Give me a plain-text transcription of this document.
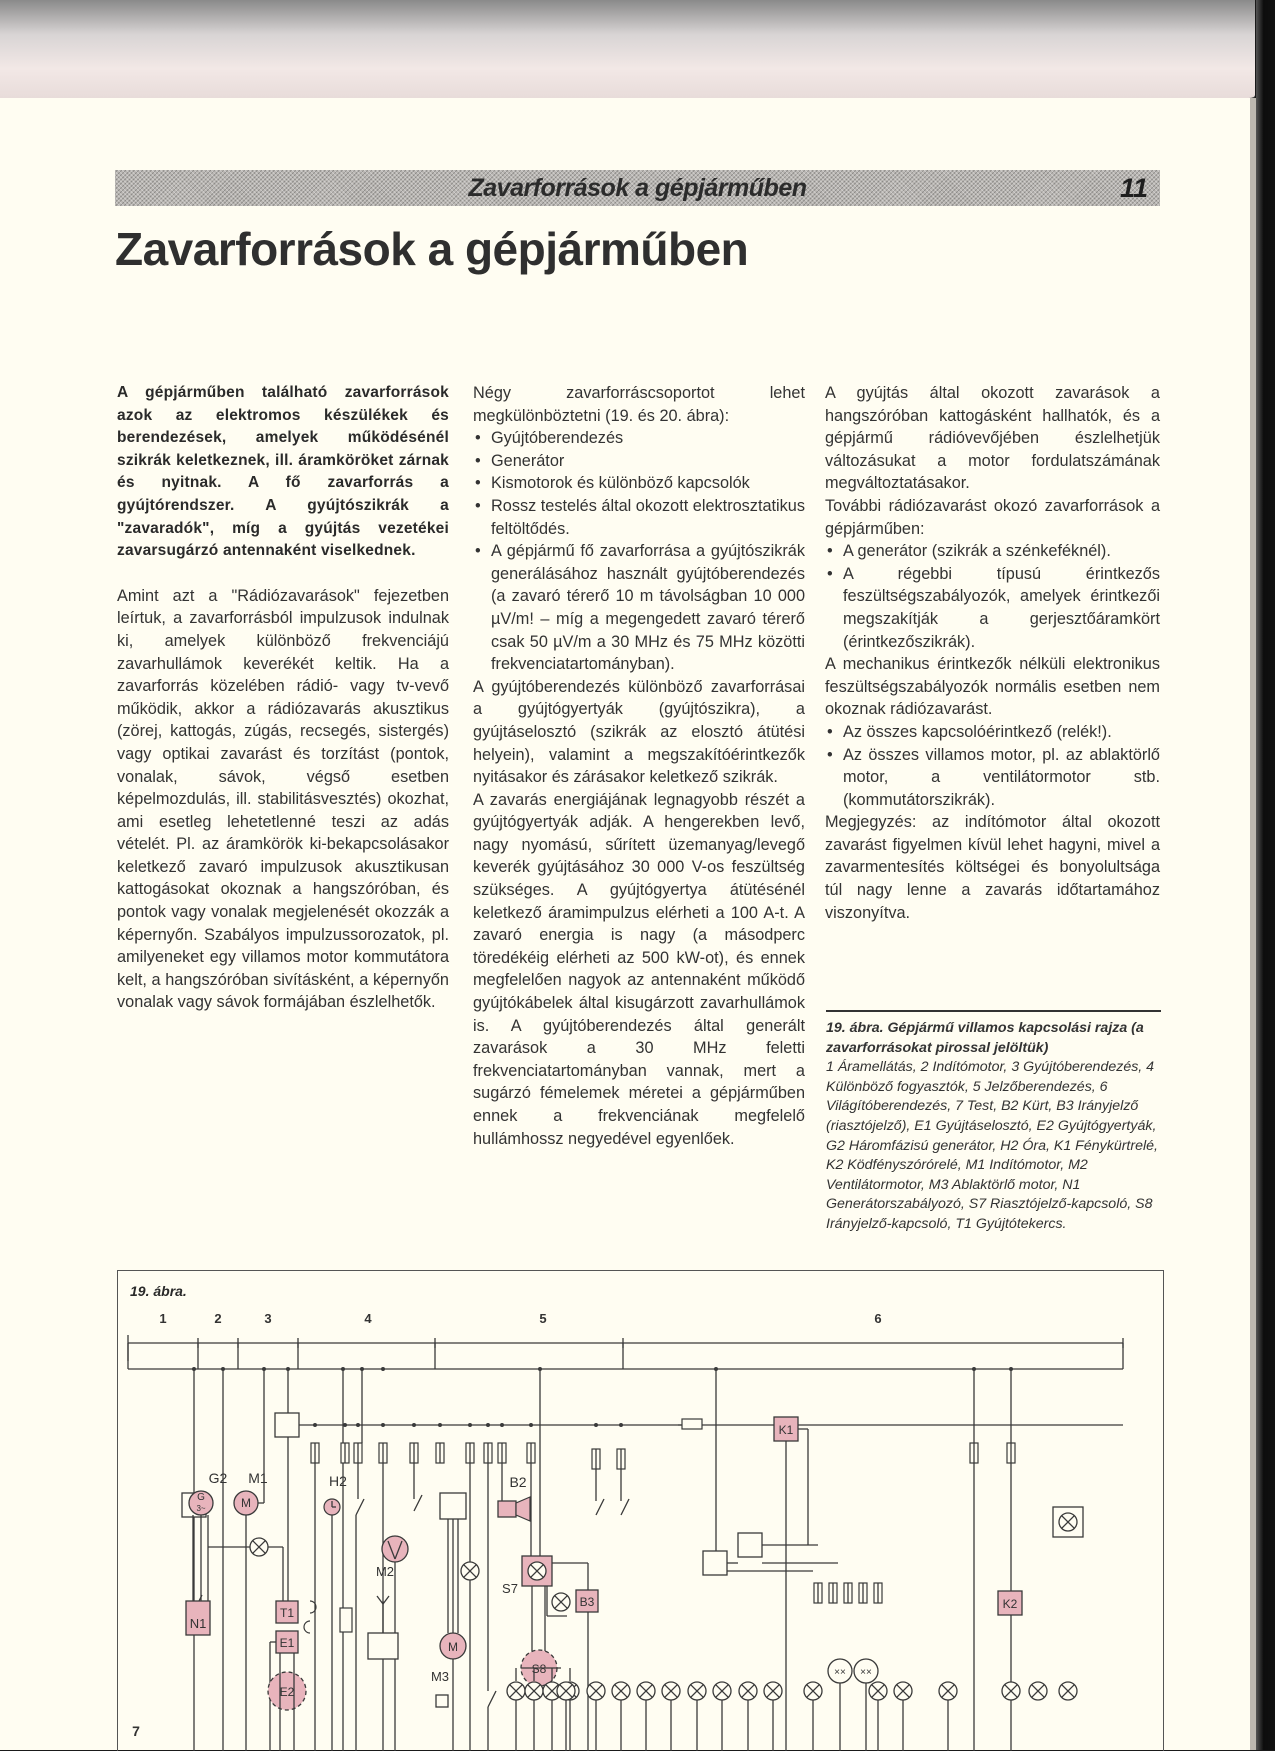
Zavarforrások a gépjárműben	11
Zavarforrások a gépjárműben

A gépjárműben található zavarforrások azok az elektromos készülékek és berendezések, amelyek működésénél szikrák keletkeznek, ill. áramköröket zárnak és nyitnak. A fő zavarforrás a gyújtórendszer. A gyújtószikrák a "zavaradók", míg a gyújtás vezetékei zavarsugárzó antennaként viselkednek.

Amint azt a "Rádiózavarások" fejezetben leírtuk, a zavarforrásból impulzusok indulnak ki, amelyek különböző frekvenciájú zavarhullámok keverékét keltik. Ha a zavarforrás közelében rádió- vagy tv-vevő működik, akkor a rádiózavarás akusztikus (zörej, kattogás, zúgás, recsegés, sistergés) vagy optikai zavarást és torzítást (pontok, vonalak, sávok, végső esetben képelmozdulás, ill. stabilitásvesztés) okozhat, ami esetleg lehetetlenné teszi az adás vételét. Pl. az áramkörök ki-bekapcsolásakor keletkező zavaró impulzusok akusztikusan kattogásokat okoznak a hangszóróban, és pontok vagy vonalak megjelenését okozzák a képernyőn. Szabályos impulzussorozatok, pl. amilyeneket egy villamos motor kommutátora kelt, a hangszóróban sivításként, a képernyőn vonalak vagy sávok formájában észlelhetők.

Négy zavarforráscsoportot lehet megkülönböztetni (19. és 20. ábra):

• Gyújtóberendezés
• Generátor
• Kismotorok és különböző kapcsolók
• Rossz testelés által okozott elektrosztatikus feltöltődés.
• A gépjármű fő zavarforrása a gyújtószikrák generálásához használt gyújtóberendezés (a zavaró térerő 10 m távolságban 10 000 µV/m! – míg a megengedett zavaró térerő csak 50 µV/m a 30 MHz és 75 MHz közötti frekvenciatartományban).

A gyújtóberendezés különböző zavarforrásai a gyújtógyertyák (gyújtószikra), a gyújtáselosztó (szikrák az elosztó átütési helyein), valamint a megszakítóérintkezők nyitásakor és zárásakor keletkező szikrák.

A zavarás energiájának legnagyobb részét a gyújtógyertyák adják. A hengerekben levő, nagy nyomású, sűrített üzemanyag/levegő keverék gyújtásához 30 000 V-os feszültség szükséges. A gyújtógyertya átütésénél keletkező áramimpulzus elérheti a 100 A-t. A zavaró energia is nagy (a másodperc töredékéig elérheti az 500 kW-ot), és ennek megfelelően nagyok az antennaként működő gyújtókábelek által kisugárzott zavarhullámok is. A gyújtóberendezés által generált zavarások a 30 MHz feletti frekvenciatartományban vannak, mert a sugárzó fémelemek méretei a gépjárműben ennek a frekvenciának megfelelő hullámhossz negyedével egyenlőek.

A gyújtás által okozott zavarások a hangszóróban kattogásként hallhatók, és a gépjármű rádióvevőjében észlelhetjük változásukat a motor fordulatszámának megváltoztatásakor.

További rádiózavarást okozó zavarforrások a gépjárműben:

• A generátor (szikrák a szénkeféknél).
• A régebbi típusú érintkezős feszültségszabályozók, amelyek érintkezői megszakítják a gerjesztőáramkört (érintkezőszikrák).

A mechanikus érintkezők nélküli elektronikus feszültségszabályozók normális esetben nem okoznak rádiózavarást.

• Az összes kapcsolóérintkező (relék!).
• Az összes villamos motor, pl. az ablaktörlő motor, a ventilátormotor stb. (kommutátorszikrák).

Megjegyzés: az indítómotor által okozott zavarást figyelmen kívül lehet hagyni, mivel a zavarmentesítés költségei és bonyolultsága túl nagy lenne a zavarás időtartamához viszonyítva.

19. ábra. Gépjármű villamos kapcsolási rajza (a zavarforrásokat pirossal jelöltük)
1 Áramellátás, 2 Indítómotor, 3 Gyújtóberendezés, 4 Különböző fogyasztók, 5 Jelzőberendezés, 6 Világítóberendezés, 7 Test, B2 Kürt, B3 Irányjelző (riasztójelző), E1 Gyújtáselosztó, E2 Gyújtógyertyák, G2 Háromfázisú generátor, H2 Óra, K1 Fénykürtrelé, K2 Ködfényszórórelé, M1 Indítómotor, M2 Ventilátormotor, M3 Ablaktörlő motor, N1 Generátorszabályozó, S7 Riasztójelző-kapcsoló, S8 Irányjelző-kapcsoló, T1 Gyújtótekercs.
19. ábra.
1	2	3	4	5	6
G
3~
G2
N1
M
M1
T1
E1
E2
H2
M2
M
M3
B2
S7
B3
S8
K1
×× ××
K2
7
